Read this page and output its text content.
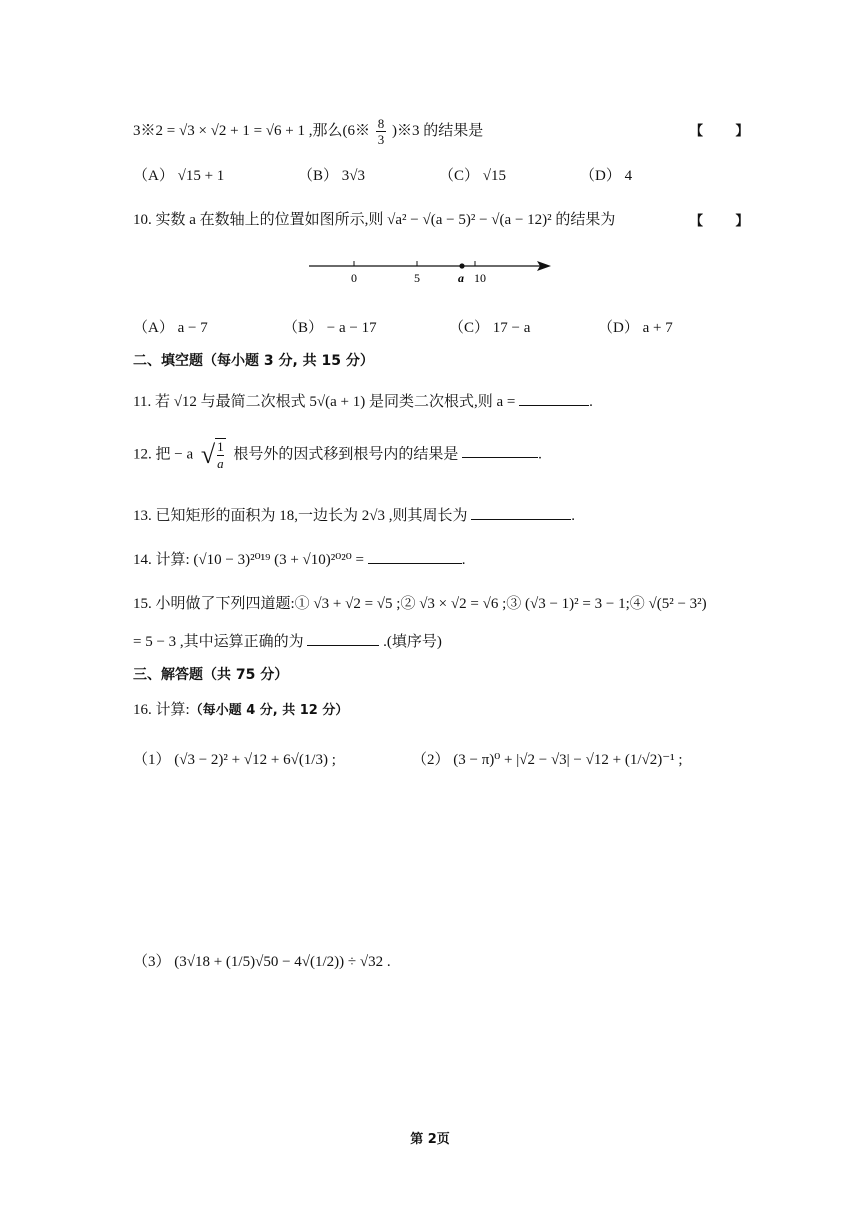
3※2 = √3 × √2 + 1 = √6 + 1 ,那么(6※ $\frac{8}{3}$ )※3 的结果是	【 】
（A） √15 + 1	（B） 3√3	（C） √15	（D） 4
10. 实数 a 在数轴上的位置如图所示,则 √a² − √(a − 5)² − √(a − 12)² 的结果为	【 】
0	5	a 10
（A） a − 7	（B） − a − 17	（C） 17 − a	（D） a + 7
二、填空题（每小题 3 分, 共 15 分）
11. 若 √12 与最简二次根式 5√(a + 1) 是同类二次根式,则 a =	.
12. 把 − a √ $\frac{1}{a}$ 根号外的因式移到根号内的结果是	.
13. 已知矩形的面积为 18,一边长为 2√3 ,则其周长为	.
14. 计算: (√10 − 3)²⁰¹⁹ (3 + √10)²⁰²⁰ =	.
15. 小明做了下列四道题:① √3 + √2 = √5 ;② √3 × √2 = √6 ;③ (√3 − 1)² = 3 − 1;④ √(5² − 3²)
= 5 − 3 ,其中运算正确的为	.(填序号)
三、解答题（共 75 分）
16. 计算:（每小题 4 分, 共 12 分）
（1） (√3 − 2)² + √12 + 6√(1/3) ;	（2） (3 − π)⁰ + |√2 − √3| − √12 + (1/√2)⁻¹ ;
（3） (3√18 + (1/5)√50 − 4√(1/2)) ÷ √32 .
第 2页
